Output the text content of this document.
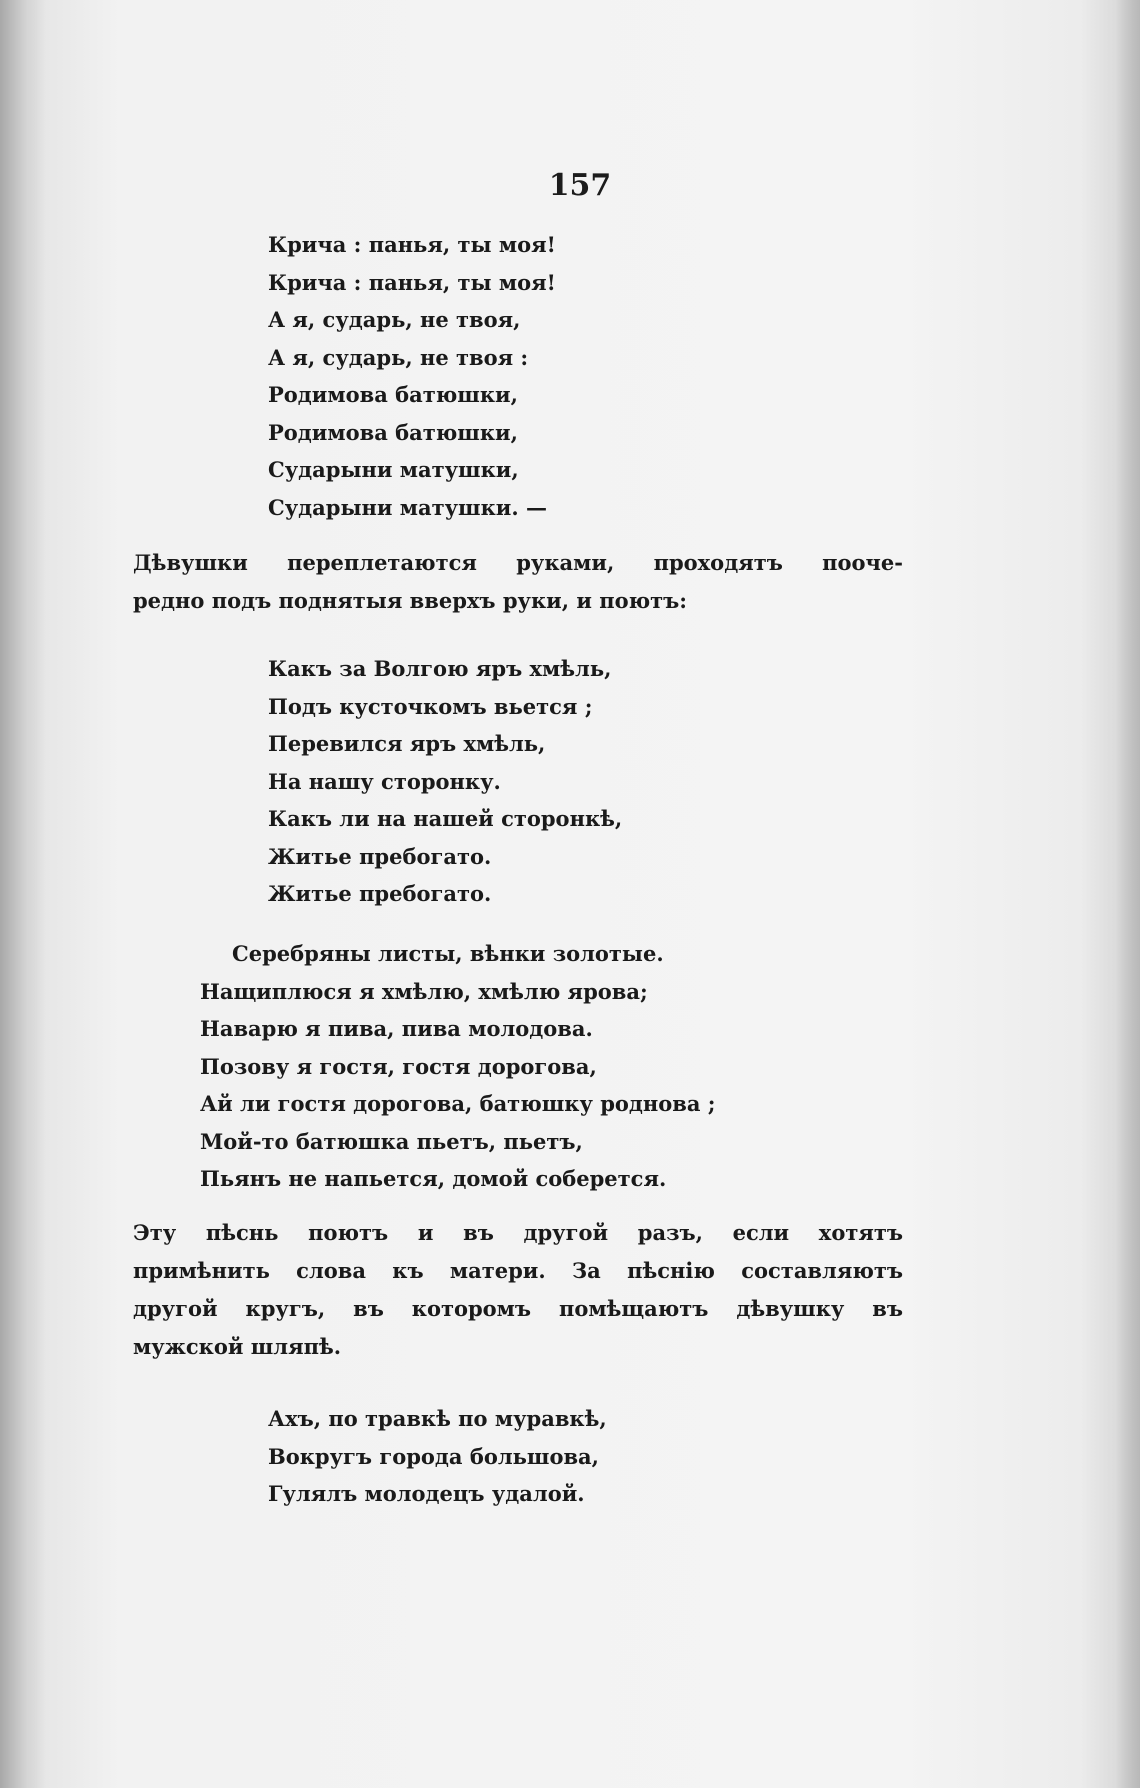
157
Крича : панья, ты моя!
Крича : панья, ты моя!
А я, сударь, не твоя,
А я, сударь, не твоя :
Родимова батюшки,
Родимова батюшки,
Сударыни матушки,
Сударыни матушки. —
Дѣвушки переплетаются руками, проходятъ поочe-
редно подъ поднятыя вверхъ руки, и поютъ:
Какъ за Волгою яръ хмѣль,
Подъ кусточкомъ вьется ;
Перевился яръ хмѣль,
На нашу сторонку.
Какъ ли на нашей сторонкѣ,
Житье пребогато.
Житье пребогато.
Серебряны листы, вѣнки золотые.
Нащиплюся я хмѣлю, хмѣлю ярова;
Наварю я пива, пива молодова.
Позову я гостя, гостя дорогова,
Ай ли гостя дорогова, батюшку роднова ;
Мой-то батюшка пьетъ, пьетъ,
Пьянъ не напьется, домой соберется.
Эту пѣснь поютъ и въ другой разъ, если хотятъ
примѣнить слова къ матери. За пѣснію составляютъ
другой кругъ, въ которомъ помѣщаютъ дѣвушку въ
мужской шляпѣ.
Ахъ, по травкѣ по муравкѣ,
Вокругъ города большова,
Гулялъ молодецъ удалой.
